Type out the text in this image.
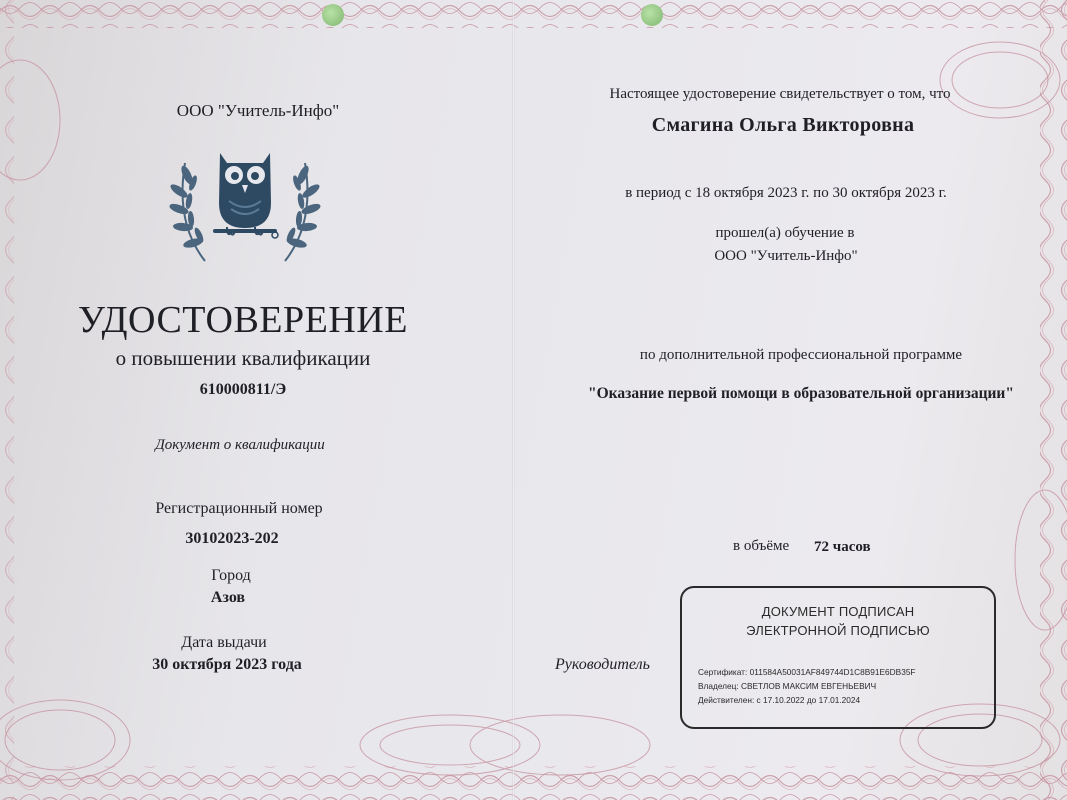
ООО "Учитель-Инфо"
УДОСТОВЕРЕНИЕ
о повышении квалификации
610000811/Э
Документ о квалификации
Регистрационный номер
30102023-202
Город
Азов
Дата выдачи
30 октября 2023 года
Настоящее удостоверение свидетельствует о том, что
Смагина Ольга Викторовна
в период с 18 октября 2023 г. по 30 октября 2023 г.
прошел(а) обучение в
ООО "Учитель-Инфо"
по дополнительной профессиональной программе
"Оказание первой помощи в образовательной организации"
в объёме 72 часов
Руководитель
ДОКУМЕНТ ПОДПИСАН
ЭЛЕКТРОННОЙ ПОДПИСЬЮ
Сертификат: 011584A50031AF849744D1C8B91E6DB35F
Владелец: СВЕТЛОВ МАКСИМ ЕВГЕНЬЕВИЧ
Действителен: с 17.10.2022 до 17.01.2024
